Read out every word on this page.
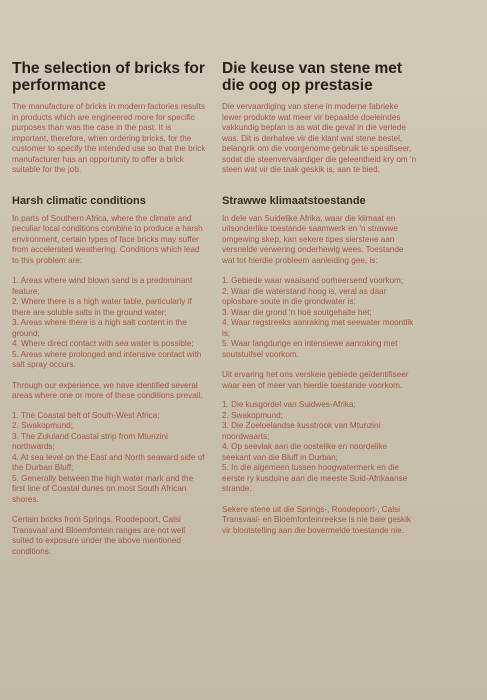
The selection of bricks for performance

The manufacture of bricks in modern factories results in products which are engineered more for specific purposes than was the case in the past. It is important, therefore, when ordering bricks, for the customer to specify the intended use so that the brick manufacturer has an opportunity to offer a brick suitable for the job.

Harsh climatic conditions

In parts of Southern Africa, where the climate and peculiar local conditions combine to produce a harsh environment, certain types of face bricks may suffer from accelerated weathering. Conditions which lead to this problem are:

1. Areas where wind blown sand is a predominant feature;

2. Where there is a high water table, particularly if there are soluble salts in the ground water;

3. Areas where there is a high salt content in the ground;

4. Where direct contact with sea water is possible;

5. Areas where prolonged and intensive contact with salt spray occurs.

Through our experience, we have identified several areas where one or more of these conditions prevail.

1. The Coastal belt of South-West Africa;

2. Swakopmund;

3. The Zululand Coastal strip from Mtunzini northwards;

4. At sea level on the East and North seaward side of the Durban Bluff;

5. Generally between the high water mark and the first line of Coastal dunes on most South African shores.

Certain bricks from Springs, Roodepoort, Calsi Transvaal and Bloemfontein ranges are not well suited to exposure under the above mentioned conditions.

Die keuse van stene met die oog op prestasie

Die vervaardiging van stene in moderne fabrieke lewer produkte wat meer vir bepaalde doeleindes vakkundig beplan is as wat die geval in die verlede was. Dit is derhalwe vir die klant wat stene bestel, belangrik om die voorgenome gebruik te spesifiseer, sodat die steenvervaardiger die geleentheid kry om 'n steen wat vir die taak geskik is, aan te bied.

Strawwe klimaatstoestande

In dele van Suidelike Afrika, waar die klimaat en uitsonderlike toestande saamwerk en 'n strawwe omgewing skep, kan sekere tipes siersteне aan versnelde verwering onderhewig wees. Toestande wat tot hierdie probleem aanleiding gee, is:

1. Gebiede waar waaisand oorheersend voorkom;

2. Waar die waterstand hoog is, veral as daar oplosbare soute in die grondwater is;

3. Waar die grond 'n hoë soutgehalte het;

4. Waar regstreeks aanraking met seewater moontlik is;

5. Waar langdurige en intensiewe aanraking met soutstuifsel voorkom.

Uit ervaring het ons verskeie gebiede geïdentifiseer waar een of meer van hierdie toestande voorkom.

1. Die kusgordel van Suidwes-Afrika;

2. Swakopmund;

3. Die Zoeloelandse kusstrook van Mtunzini noordwaarts;

4. Op seevlak aan die oostelike en noordelike seekant van die Bluff in Durban;

5. In die algemeen tussen hoogwatermerk en die eerste ry kusduine aan die meeste Suid-Afrikaanse strande.

Sekere stene uit die Springs-, Roodepoort-, Calsi Transvaal- en Bloemfonteinreekse is nie baie geskik vir blootstelling aan die bovermelde toestande nie.
